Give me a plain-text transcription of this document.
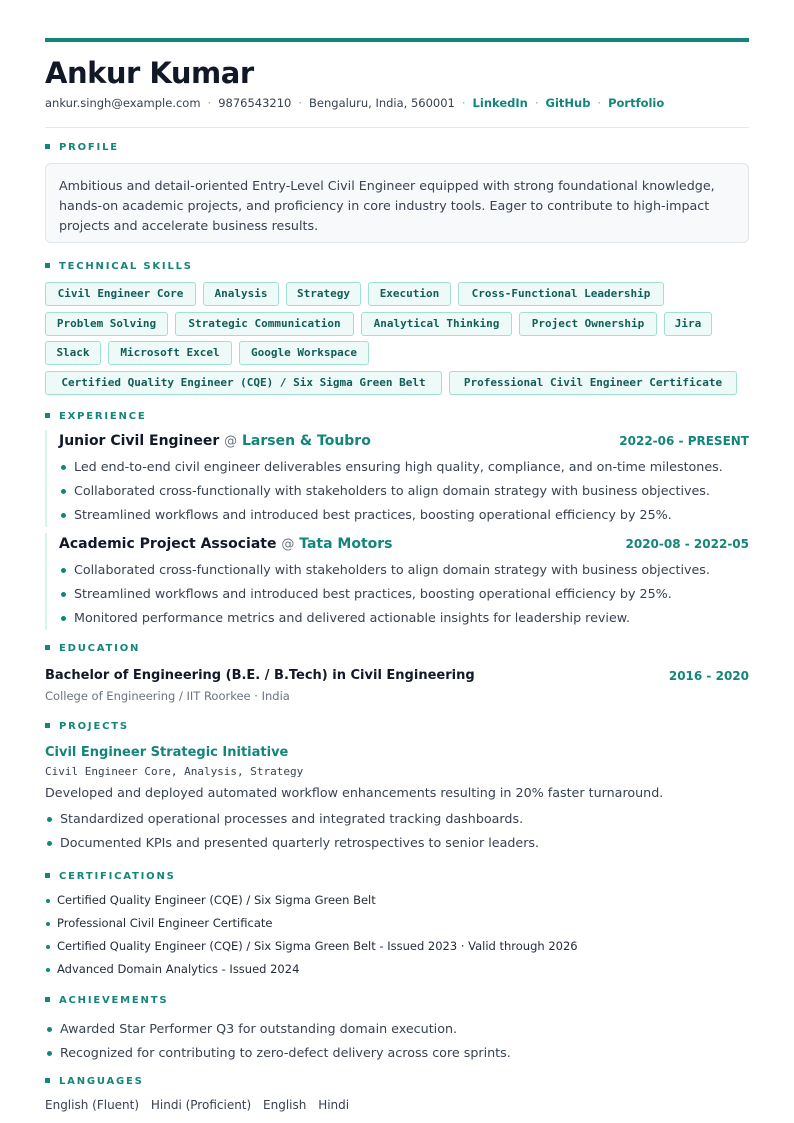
Ankur Kumar
ankur.singh@example.com · 9876543210 · Bengaluru, India, 560001 · LinkedIn · GitHub · Portfolio
PROFILE
Ambitious and detail-oriented Entry-Level Civil Engineer equipped with strong foundational knowledge, hands-on academic projects, and proficiency in core industry tools. Eager to contribute to high-impact projects and accelerate business results.
TECHNICAL SKILLS
Civil Engineer Core	Analysis	Strategy	Execution	Cross-Functional Leadership
Problem Solving	Strategic Communication	Analytical Thinking	Project Ownership	Jira
Slack	Microsoft Excel	Google Workspace
Certified Quality Engineer (CQE) / Six Sigma Green Belt	Professional Civil Engineer Certificate
EXPERIENCE
Junior Civil Engineer @ Larsen & Toubro	2022-06 - PRESENT
Led end-to-end civil engineer deliverables ensuring high quality, compliance, and on-time milestones.
Collaborated cross-functionally with stakeholders to align domain strategy with business objectives.
Streamlined workflows and introduced best practices, boosting operational efficiency by 25%.
Academic Project Associate @ Tata Motors	2020-08 - 2022-05
Collaborated cross-functionally with stakeholders to align domain strategy with business objectives.
Streamlined workflows and introduced best practices, boosting operational efficiency by 25%.
Monitored performance metrics and delivered actionable insights for leadership review.
EDUCATION
Bachelor of Engineering (B.E. / B.Tech) in Civil Engineering	2016 - 2020
College of Engineering / IIT Roorkee · India
PROJECTS
Civil Engineer Strategic Initiative
Civil Engineer Core, Analysis, Strategy
Developed and deployed automated workflow enhancements resulting in 20% faster turnaround.
Standardized operational processes and integrated tracking dashboards.
Documented KPIs and presented quarterly retrospectives to senior leaders.
CERTIFICATIONS
Certified Quality Engineer (CQE) / Six Sigma Green Belt
Professional Civil Engineer Certificate
Certified Quality Engineer (CQE) / Six Sigma Green Belt - Issued 2023 · Valid through 2026
Advanced Domain Analytics - Issued 2024
ACHIEVEMENTS
Awarded Star Performer Q3 for outstanding domain execution.
Recognized for contributing to zero-defect delivery across core sprints.
LANGUAGES
English (Fluent) Hindi (Proficient) English Hindi
